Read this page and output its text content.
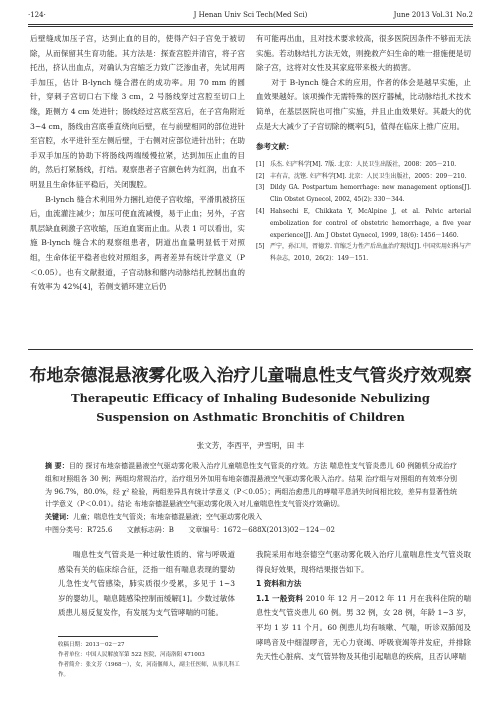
·124·	J Henan Univ Sci Tech(Med Sci)	June 2013 Vol.31 No.2

后壁缝成加压子宫，达到止血的目的，使得产妇子宫免于被切除，从而保留其生育功能。其方法是：探查宫腔并清宫，将子宫托出，挤认出血点，对确认为宫缩乏力致广泛渗血者，先试用两手加压，估计 B-lynch 缝合潜在的成功率。用 70 mm 的圆针，穿刺子宫切口右下缘 3 cm，2 号肠线穿过宫腔至切口上缘，距侧方 4 cm 处进针；肠线经过宫底至宫后，在子宫角附近 3~4 cm，肠线由宫底垂直绕向后壁，在与前壁相同的部位进针至宫腔，水平进针至左侧后壁，于右侧对应部位进针出针；在助手双手加压的协助下将肠线两端缓慢拉紧，达到加压止血的目的，然后打紧肠线，打结。观察患者子宫颜色转为红润，出血不明显且生命体征平稳后，关闭腹腔。

B-lynch 缝合术利用外力捆扎迫使子宫收缩，平滑肌被挤压后，血流灌注减少；加压可使血流减慢，易于止血；另外，子宫肌层缺血刺激子宫收缩，压迫血窦而止血。从表 1 可以看出，实施 B-lynch 缝合术的观察组患者，阴道出血量明显低于对照组，生命体征平稳者也较对照组多，两者差异有统计学意义（P＜0.05）。也有文献报道，子宫动脉和髂内动脉结扎控制出血的有效率为 42%[4]，若侧支循环建立后仍

有可能再出血，且对技术要求较高，很多医院因条件不够而无法实施。若动脉结扎方法无效，则挽救产妇生命的唯一措施便是切除子宫，这将对女性及其家庭带来极大的损害。

对于 B-lynch 缝合术的应用，作者的体会是越早实施，止血效果越好。该项操作无需特殊的医疗器械，比动脉结扎术技术简单，在基层医院也可推广实施，并且止血效果好。其最大的优点是大大减少了子宫切除的概率[5]，值得在临床上推广应用。

参考文献：
[1] 乐杰. 妇产科学[M]. 7版. 北京：人民卫生出版社，2008：205－210.
[2] 丰有吉，沈铿. 妇产科学[M]. 北京：人民卫生出版社，2005：209－210.
[3] Dildy GA. Postpartum hemorrhage: new management options[J]. Clin Obstet Gynecol, 2002, 45(2): 330－344.
[4] Hahsechi E, Chikkata Y, McAlpine J, et al. Pelvic arterial embolization for control of obstetric hemorrhage, a five year experience[J]. Am J Obstet Gynecol, 1999, 18(6): 1456－1460.
[5] 严宁，孙江川，胥德芳. 宫缩乏力性产后出血治疗现状[J]. 中国实用妇科与产科杂志，2010，26(2)：149－151.
布地奈德混悬液雾化吸入治疗儿童喘息性支气管炎疗效观察
Therapeutic Efficacy of Inhaling Budesonide Nebulizing
Suspension on Asthmatic Bronchitis of Children
张文芳，李西平，尹雪明，田 丰

摘 要：目的 探讨布地奈德混悬液空气驱动雾化吸入治疗儿童喘息性支气管炎的疗效。方法 喘息性支气管炎患儿 60 例随机分成治疗组和对照组各 30 例；两组均常规治疗，治疗组另外加用布地奈德混悬液空气驱动雾化吸入治疗。结果 治疗组与对照组的有效率分别为 96.7%，80.0%，经 χ² 检验，两组差异具有统计学意义（P＜0.05）；两组治愈患儿的哮喘平息消失时间相比较，差异有显著性统计学意义（P＜0.01）。结论 布地奈德混悬液空气驱动雾化吸入对儿童喘息性支气管炎疗效确切。

关键词：儿童；喘息性支气管炎；布地奈德混悬液；空气驱动雾化吸入

中图分类号：R725.6 文献标志码：B 文章编号：1672－688X(2013)02－124－02

喘息性支气管炎是一种过敏性质的、常与呼吸道感染有关的临床综合征，泛指一组有喘息表现的婴幼儿急性支气管感染，肺实质很少受累，多见于 1~3 岁的婴幼儿，喘息随感染控制而缓解[1]。少数过敏体质患儿易反复发作，有发展为支气管哮喘的可能。

我院采用布地奈德空气驱动雾化吸入治疗儿童喘息性支气管炎取得良好效果，现将结果报告如下。

1 资料和方法

1.1 一般资料 2010 年 12 月－2012 年 11 月在我科住院的喘息性支气管炎患儿 60 例。男 32 例，女 28 例，年龄 1~3 岁，平均 1 岁 11 个月。60 例患儿均有咳嗽、气喘，听诊双肺闻及哮鸣音及中细湿啰音，无心力衰竭、呼吸衰竭等并发症，并排除先天性心脏病、支气管异物及其他引起喘息的疾病，且否认哮喘

收稿日期：2013－02－27
作者单位：中国人民解放军第 522 医院，河南洛阳 471003
作者简介：张文芳（1968－），女，河南偃师人，副主任医师，从事儿科工作。
